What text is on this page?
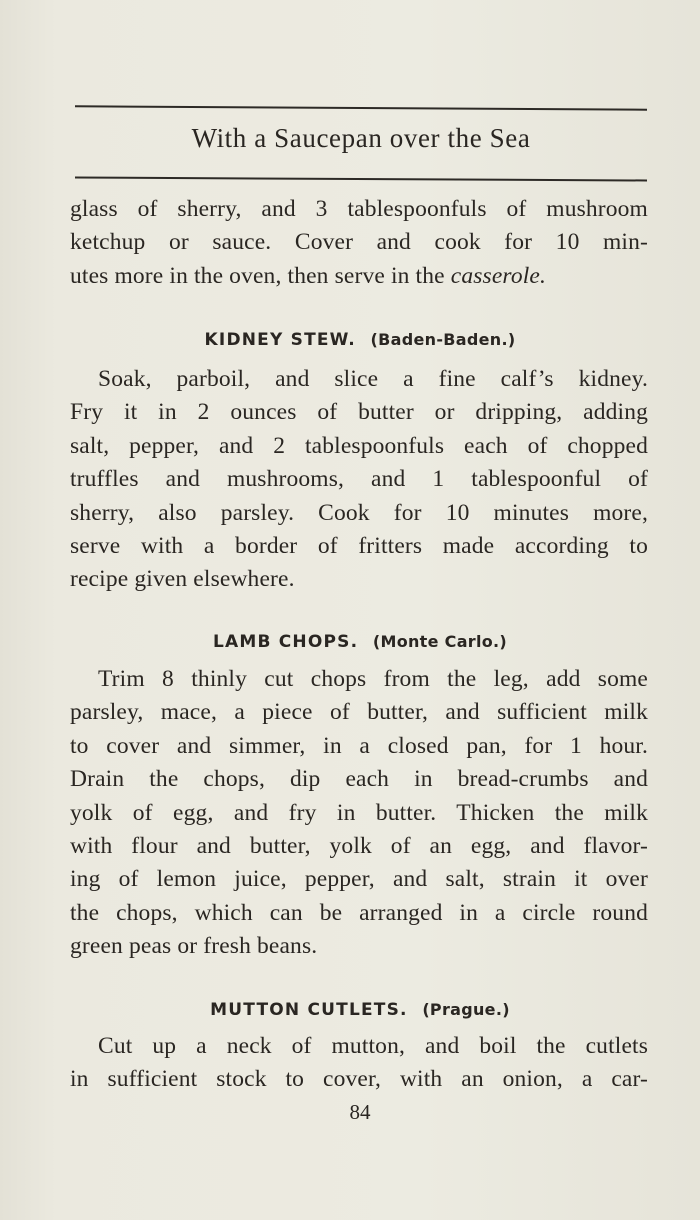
With a Saucepan over the Sea
glass of sherry, and 3 tablespoonfuls of mushroom
ketchup or sauce. Cover and cook for 10 min-
utes more in the oven, then serve in the casserole.
KIDNEY STEW. (Baden-Baden.)
Soak, parboil, and slice a fine calf’s kidney.
Fry it in 2 ounces of butter or dripping, adding
salt, pepper, and 2 tablespoonfuls each of chopped
truffles and mushrooms, and 1 tablespoonful of
sherry, also parsley. Cook for 10 minutes more,
serve with a border of fritters made according to
recipe given elsewhere.
LAMB CHOPS. (Monte Carlo.)
Trim 8 thinly cut chops from the leg, add some
parsley, mace, a piece of butter, and sufficient milk
to cover and simmer, in a closed pan, for 1 hour.
Drain the chops, dip each in bread-crumbs and
yolk of egg, and fry in butter. Thicken the milk
with flour and butter, yolk of an egg, and flavor-
ing of lemon juice, pepper, and salt, strain it over
the chops, which can be arranged in a circle round
green peas or fresh beans.
MUTTON CUTLETS. (Prague.)
Cut up a neck of mutton, and boil the cutlets
in sufficient stock to cover, with an onion, a car-
84
